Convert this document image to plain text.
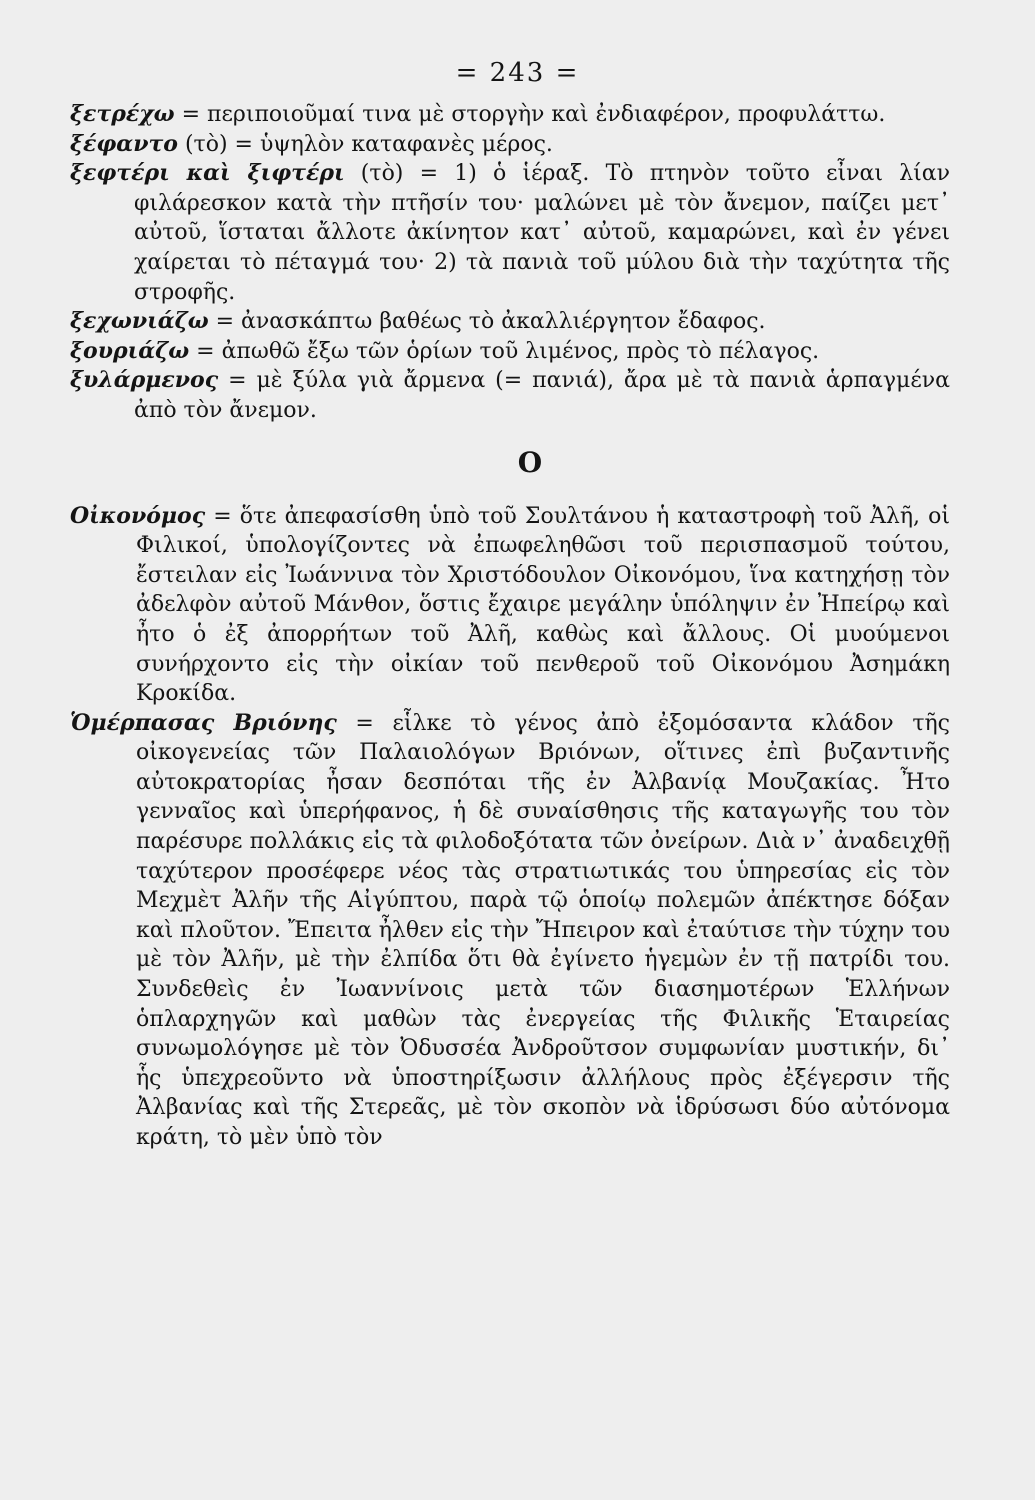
= 243 =

ξετρέχω = περιποιοῦμαί τινα μὲ στοργὴν καὶ ἐνδιαφέρον, προφυλάττω.

ξέφαντο (τὸ) = ὑψηλὸν καταφανὲς μέρος.

ξεφτέρι καὶ ξιφτέρι (τὸ) = 1) ὁ ἱέραξ. Τὸ πτηνὸν τοῦτο εἶναι λίαν φιλάρεσκον κατὰ τὴν πτῆσίν του· μαλώνει μὲ τὸν ἄνεμον, παίζει μετ᾽ αὐτοῦ, ἵσταται ἄλλοτε ἀκίνητον κατ᾽ αὐτοῦ, καμαρώνει, καὶ ἐν γένει χαίρεται τὸ πέταγμά του· 2) τὰ πανιὰ τοῦ μύλου διὰ τὴν ταχύτητα τῆς στροφῆς.

ξεχωνιάζω = ἀνασκάπτω βαθέως τὸ ἀκαλλιέργητον ἔδαφος.

ξουριάζω = ἀπωθῶ ἔξω τῶν ὁρίων τοῦ λιμένος, πρὸς τὸ πέλαγος.

ξυλάρμενος = μὲ ξύλα γιὰ ἄρμενα (= πανιά), ἄρα μὲ τὰ πανιὰ ἁρπαγμένα ἀπὸ τὸν ἄνεμον.

O

Οἰκονόμος = ὅτε ἀπεφασίσθη ὑπὸ τοῦ Σουλτάνου ἡ καταστροφὴ τοῦ Ἀλῆ, οἱ Φιλικοί, ὑπολογίζοντες νὰ ἐπωφεληθῶσι τοῦ περισπασμοῦ τούτου, ἔστειλαν εἰς Ἰωάννινα τὸν Χριστόδουλον Οἰκονόμου, ἵνα κατηχήσῃ τὸν ἀδελφὸν αὐτοῦ Μάνθον, ὅστις ἔχαιρε μεγάλην ὑπόληψιν ἐν Ἠπείρῳ καὶ ἦτο ὁ ἐξ ἀπορρήτων τοῦ Ἀλῆ, καθὼς καὶ ἄλλους. Οἱ μυούμενοι συνήρχοντο εἰς τὴν οἰκίαν τοῦ πενθεροῦ τοῦ Οἰκονόμου Ἀσημάκη Κροκίδα.

Ὁμέρπασας Βριόνης = εἷλκε τὸ γένος ἀπὸ ἐξομόσαντα κλάδον τῆς οἰκογενείας τῶν Παλαιολόγων Βριόνων, οἵτινες ἐπὶ βυζαντινῆς αὐτοκρατορίας ἦσαν δεσπόται τῆς ἐν Ἀλβανίᾳ Μουζακίας. Ἦτο γενναῖος καὶ ὑπερήφανος, ἡ δὲ συναίσθησις τῆς καταγωγῆς του τὸν παρέσυρε πολλάκις εἰς τὰ φιλοδοξότατα τῶν ὀνείρων. Διὰ ν᾽ ἀναδειχθῇ ταχύτερον προσέφερε νέος τὰς στρατιωτικάς του ὑπηρεσίας εἰς τὸν Μεχμὲτ Ἀλῆν τῆς Αἰγύπτου, παρὰ τῷ ὁποίῳ πολεμῶν ἀπέκτησε δόξαν καὶ πλοῦτον. Ἔπειτα ἦλθεν εἰς τὴν Ἤπειρον καὶ ἐταύτισε τὴν τύχην του μὲ τὸν Ἀλῆν, μὲ τὴν ἐλπίδα ὅτι θὰ ἐγίνετο ἡγεμὼν ἐν τῇ πατρίδι του. Συνδεθεὶς ἐν Ἰωαννίνοις μετὰ τῶν διασημοτέρων Ἑλλήνων ὁπλαρχηγῶν καὶ μαθὼν τὰς ἐνεργείας τῆς Φιλικῆς Ἑταιρείας συνωμολόγησε μὲ τὸν Ὀδυσσέα Ἀνδροῦτσον συμφωνίαν μυστικήν, δι᾽ ἧς ὑπεχρεοῦντο νὰ ὑποστηρίξωσιν ἀλλήλους πρὸς ἐξέγερσιν τῆς Ἀλβανίας καὶ τῆς Στερεᾶς, μὲ τὸν σκοπὸν νὰ ἱδρύσωσι δύο αὐτόνομα κράτη, τὸ μὲν ὑπὸ τὸν
